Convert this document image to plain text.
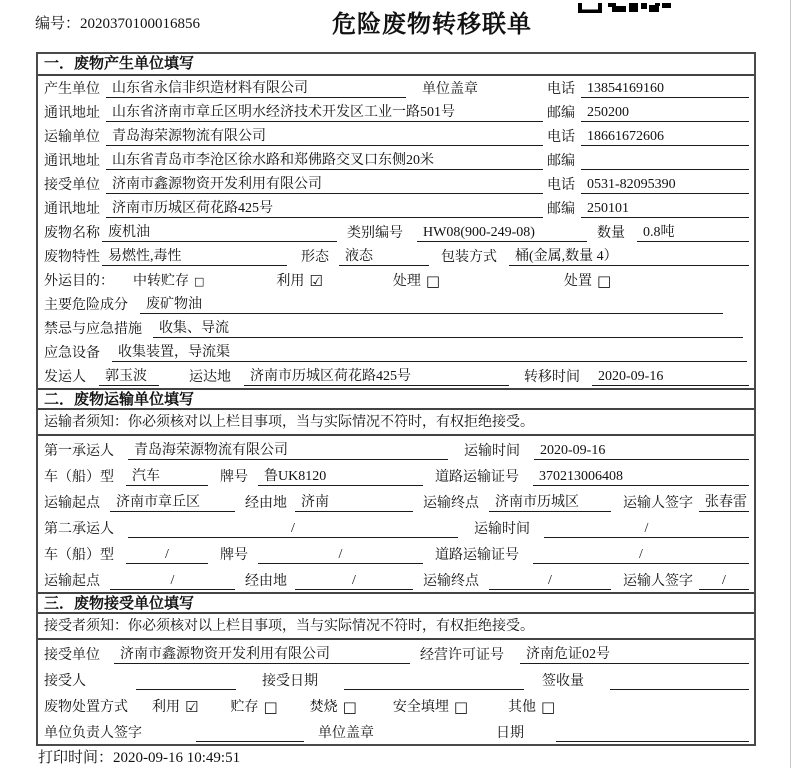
编号：2020370100016856	危险废物转移联单
一．废物产生单位填写
产生单位 山东省永信非织造材料有限公司	单位盖章	电话 13854169160
通讯地址 山东省济南市章丘区明水经济技术开发区工业一路501号	邮编 250200
运输单位 青岛海荣源物流有限公司	电话 18661672606
通讯地址 山东省青岛市李沧区徐水路和郑佛路交叉口东侧20米	邮编
接受单位 济南市鑫源物资开发利用有限公司	电话 0531-82095390
通讯地址 济南市历城区荷花路425号	邮编 250101
废物名称 废机油	类别编号	HW08(900-249-08)	数量	0.8吨
废物特性 易燃性,毒性	形态	液态	包装方式	桶(金属,数量 4）
外运目的： 中转贮存 □	利用 ☑	处理 □	处置 □
主要危险成分	废矿物油
禁忌与应急措施	收集、导流
应急设备	收集装置，导流渠
发运人	郭玉波	运达地	济南市历城区荷花路425号	转移时间	2020-09-16
二．废物运输单位填写
运输者须知：你必须核对以上栏目事项，当与实际情况不符时，有权拒绝接受。
第一承运人	青岛海荣源物流有限公司	运输时间	2020-09-16
车（船）型	汽车	牌号	鲁UK8120	道路运输证号	370213006408
运输起点	济南市章丘区	经由地	济南	运输终点	济南市历城区	运输人签字 张春雷
第二承运人	/	运输时间	/
车（船）型	/	牌号	/	道路运输证号	/
运输起点	/	经由地	/	运输终点	/	运输人签字	/
三．废物接受单位填写
接受者须知：你必须核对以上栏目事项，当与实际情况不符时，有权拒绝接受。
接受单位	济南市鑫源物资开发利用有限公司	经营许可证号	济南危证02号
接受人	接受日期	签收量
废物处置方式	利用 ☑ 贮存 □ 焚烧 □	安全填埋 □	其他 □
单位负责人签字	单位盖章	日期
打印时间：2020-09-16 10:49:51
